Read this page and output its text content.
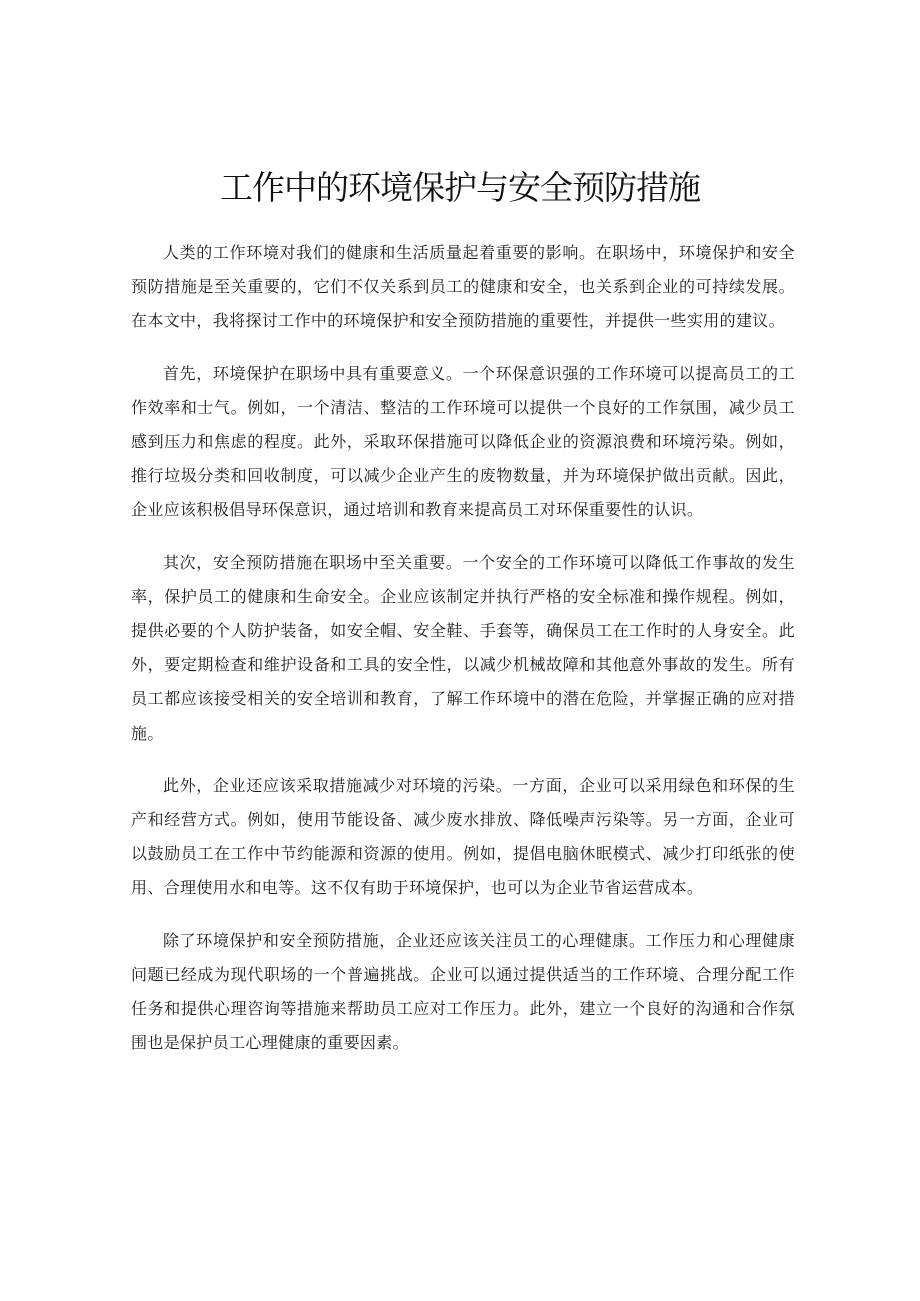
工作中的环境保护与安全预防措施

人类的工作环境对我们的健康和生活质量起着重要的影响。在职场中，环境保护和安全预防措施是至关重要的，它们不仅关系到员工的健康和安全，也关系到企业的可持续发展。在本文中，我将探讨工作中的环境保护和安全预防措施的重要性，并提供一些实用的建议。

首先，环境保护在职场中具有重要意义。一个环保意识强的工作环境可以提高员工的工作效率和士气。例如，一个清洁、整洁的工作环境可以提供一个良好的工作氛围，减少员工感到压力和焦虑的程度。此外，采取环保措施可以降低企业的资源浪费和环境污染。例如，推行垃圾分类和回收制度，可以减少企业产生的废物数量，并为环境保护做出贡献。因此，企业应该积极倡导环保意识，通过培训和教育来提高员工对环保重要性的认识。

其次，安全预防措施在职场中至关重要。一个安全的工作环境可以降低工作事故的发生率，保护员工的健康和生命安全。企业应该制定并执行严格的安全标准和操作规程。例如，提供必要的个人防护装备，如安全帽、安全鞋、手套等，确保员工在工作时的人身安全。此外，要定期检查和维护设备和工具的安全性，以减少机械故障和其他意外事故的发生。所有员工都应该接受相关的安全培训和教育，了解工作环境中的潜在危险，并掌握正确的应对措施。

此外，企业还应该采取措施减少对环境的污染。一方面，企业可以采用绿色和环保的生产和经营方式。例如，使用节能设备、减少废水排放、降低噪声污染等。另一方面，企业可以鼓励员工在工作中节约能源和资源的使用。例如，提倡电脑休眠模式、减少打印纸张的使用、合理使用水和电等。这不仅有助于环境保护，也可以为企业节省运营成本。

除了环境保护和安全预防措施，企业还应该关注员工的心理健康。工作压力和心理健康问题已经成为现代职场的一个普遍挑战。企业可以通过提供适当的工作环境、合理分配工作任务和提供心理咨询等措施来帮助员工应对工作压力。此外，建立一个良好的沟通和合作氛围也是保护员工心理健康的重要因素。
